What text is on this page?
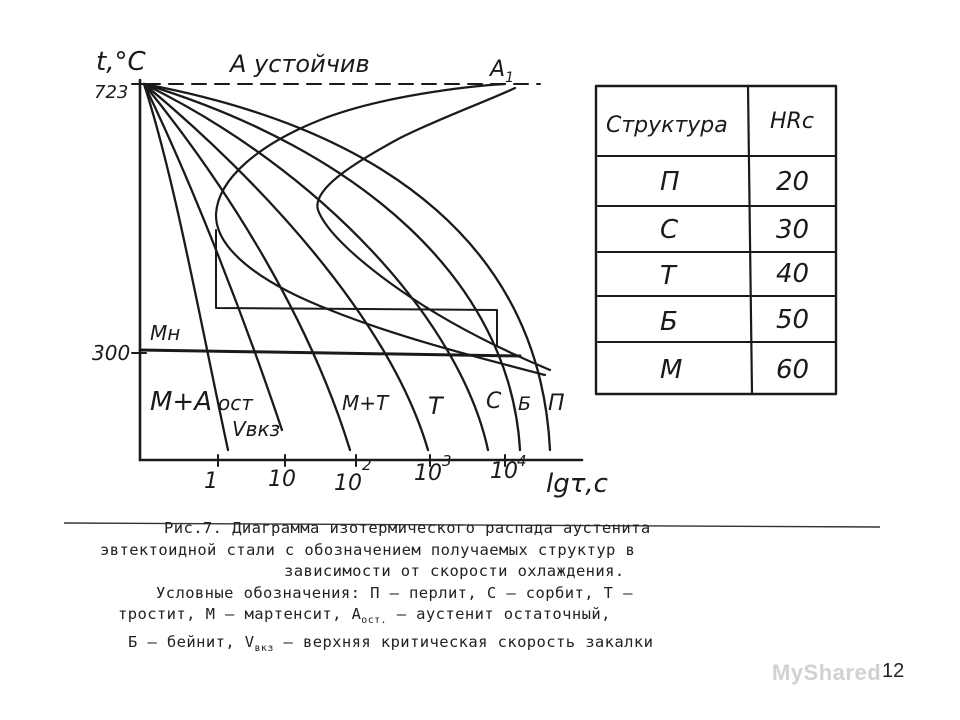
t,°C
lgτ,c
723
300
1 10 10
2 10 3 10 4
A устойчив	$A_1$
Мн
М+А ост
Vвкз
М+Т Т С Б П
Структура HRc
П	20
С	30
Т	40
Б	50
М	60
Рис.7. Диаграмма изотермического распада аустенита
эвтектоидной стали с обозначением получаемых структур в
зависимости от скорости охлаждения.
Условные обозначения: П – перлит, С – сорбит, Т –
тростит, М – мартенсит, $А_{ост.}$ – аустенит остаточный,
Б – бейнит, $V_{вкз}$ – верхняя критическая скорость закалки
MyShared 12
